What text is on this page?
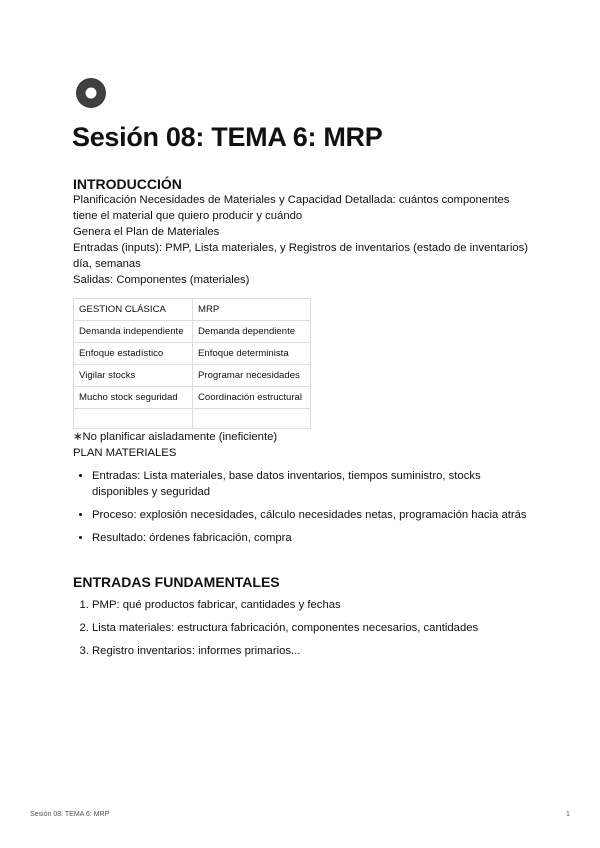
Sesión 08: TEMA 6: MRP
INTRODUCCIÓN

Planificación Necesidades de Materiales y Capacidad Detallada: cuántos componentes tiene el material que quiero producir y cuándo

Genera el Plan de Materiales

Entradas (inputs): PMP, Lista materiales, y Registros de inventarios (estado de inventarios)

día, semanas

Salidas: Componentes (materiales)

GESTION CLÁSICA	MRP
Demanda independiente	Demanda dependiente
Enfoque estadístico	Enfoque determinista
Vigilar stocks	Programar necesidades
Mucho stock seguridad	Coordinación estructural

∗No planificar aisladamente (ineficiente)

PLAN MATERIALES

• Entradas: Lista materiales, base datos inventarios, tiempos suministro, stocks disponibles y seguridad
• Proceso: explosión necesidades, cálculo necesidades netas, programación hacia atrás
• Resultado: órdenes fabricación, compra
ENTRADAS FUNDAMENTALES
1. PMP: qué productos fabricar, cantidades y fechas
2. Lista materiales: estructura fabricación, componentes necesarios, cantidades
3. Registro inventarios: informes primarios...
Sesión 08: TEMA 6: MRP	1
